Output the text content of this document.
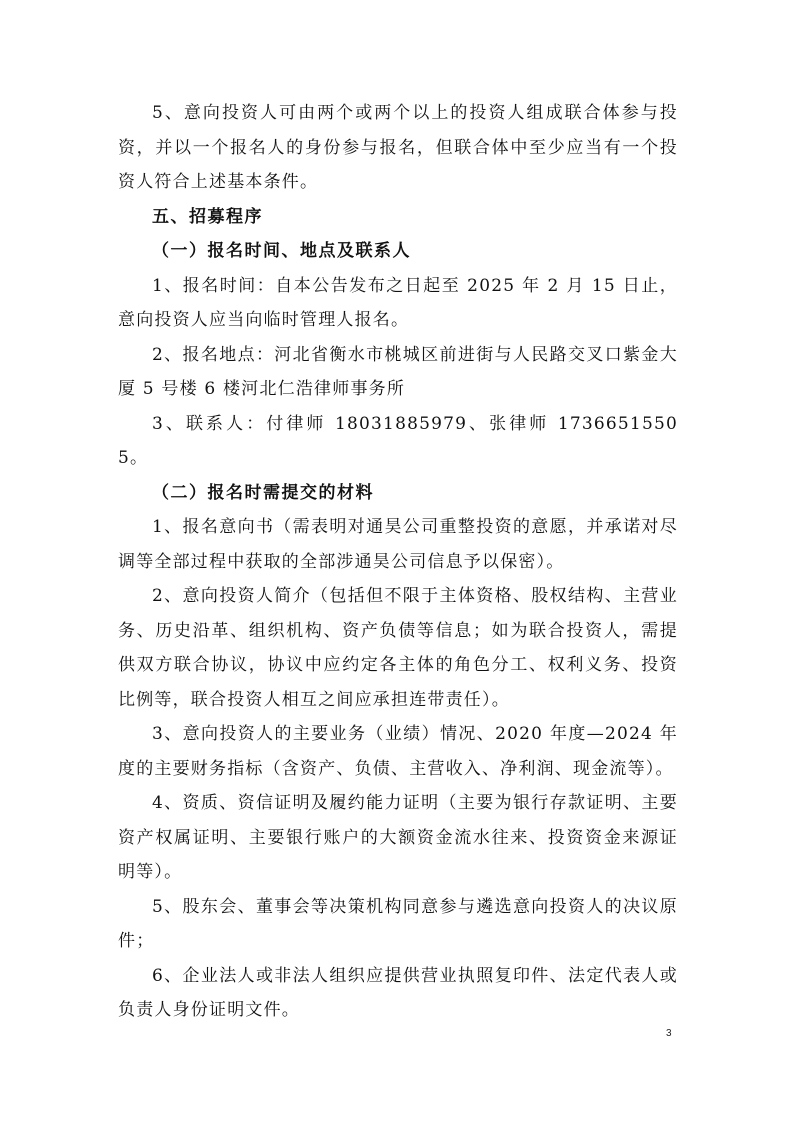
5、意向投资人可由两个或两个以上的投资人组成联合体参与投资，并以一个报名人的身份参与报名，但联合体中至少应当有一个投资人符合上述基本条件。

五、招募程序

（一）报名时间、地点及联系人

1、报名时间：自本公告发布之日起至 2025 年 2 月 15 日止，意向投资人应当向临时管理人报名。

2、报名地点：河北省衡水市桃城区前进街与人民路交叉口紫金大厦 5 号楼 6 楼河北仁浩律师事务所

3、联系人：付律师 18031885979、张律师 17366515505。

（二）报名时需提交的材料

1、报名意向书（需表明对通昊公司重整投资的意愿，并承诺对尽调等全部过程中获取的全部涉通昊公司信息予以保密）。

2、意向投资人简介（包括但不限于主体资格、股权结构、主营业务、历史沿革、组织机构、资产负债等信息；如为联合投资人，需提供双方联合协议，协议中应约定各主体的角色分工、权利义务、投资比例等，联合投资人相互之间应承担连带责任）。

3、意向投资人的主要业务（业绩）情况、2020 年度—2024 年度的主要财务指标（含资产、负债、主营收入、净利润、现金流等）。

4、资质、资信证明及履约能力证明（主要为银行存款证明、主要资产权属证明、主要银行账户的大额资金流水往来、投资资金来源证明等）。

5、股东会、董事会等决策机构同意参与遴选意向投资人的决议原件；

6、企业法人或非法人组织应提供营业执照复印件、法定代表人或负责人身份证明文件。

3
